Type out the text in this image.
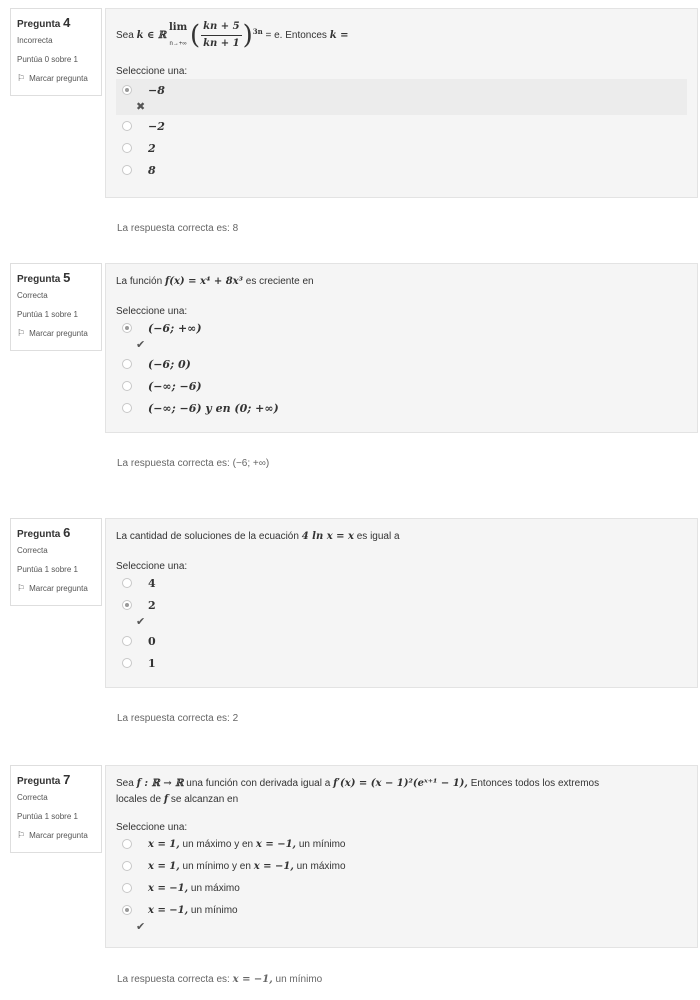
Pregunta 4
Incorrecta
Puntúa 0 sobre 1
⚐ Marcar pregunta
Sea k ∈ ℝ
lim
n→+∞ ( $\frac{kn + 5}{kn + 1} )^{3n} = e$. Entonces k =
Seleccione una:
−8
✖
−2
2
8
La respuesta correcta es: 8
Pregunta 5
Correcta
Puntúa 1 sobre 1
⚐ Marcar pregunta
La función f(x) = x⁴ + 8x³ es creciente en
Seleccione una:
(−6; +∞)
✔
(−6; 0)
(−∞; −6)
(−∞; −6) y en (0; +∞)
La respuesta correcta es: (−6; +∞)
Pregunta 6
Correcta
Puntúa 1 sobre 1
⚐ Marcar pregunta
La cantidad de soluciones de la ecuación 4 ln x = x es igual a
Seleccione una:
4
2
✔
0
1
La respuesta correcta es: 2
Pregunta 7
Correcta
Puntúa 1 sobre 1
⚐ Marcar pregunta
Sea f : ℝ → ℝ una función con derivada igual a f′(x) = (x − 1)²(eˣ⁺¹ − 1), Entonces todos los extremos
locales de f se alcanzan en
Seleccione una:
x = 1, un máximo y en x = −1, un mínimo
x = 1, un mínimo y en x = −1, un máximo
x = −1, un máximo
x = −1, un mínimo
✔
La respuesta correcta es: x = −1, un mínimo
